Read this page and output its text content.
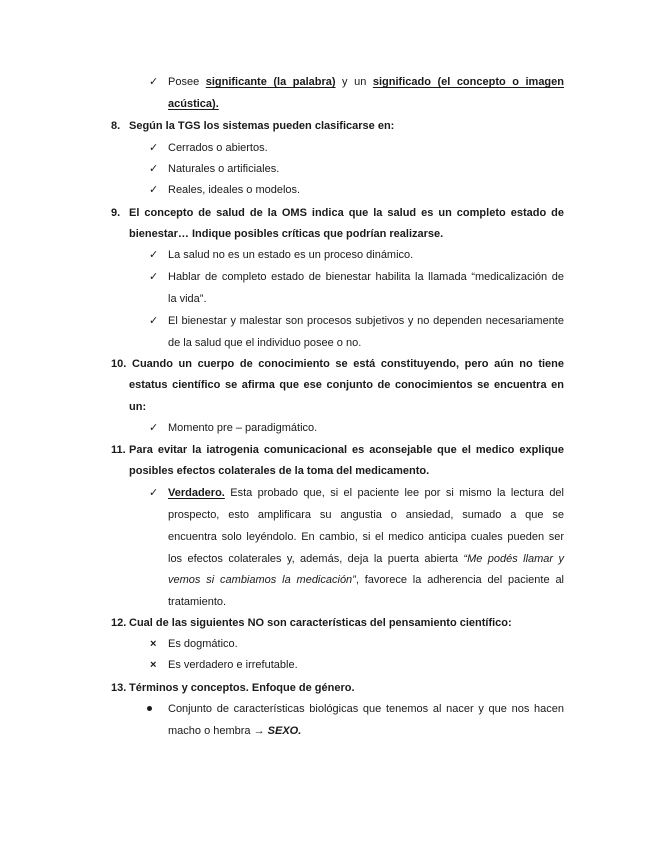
✓ Posee significante (la palabra) y un significado (el concepto o imagen
acústica).
8. Según la TGS los sistemas pueden clasificarse en:
✓ Cerrados o abiertos.
✓ Naturales o artificiales.
✓ Reales, ideales o modelos.
9. El concepto de salud de la OMS indica que la salud es un completo estado de
bienestar… Indique posibles críticas que podrían realizarse.
✓ La salud no es un estado es un proceso dinámico.
✓ Hablar de completo estado de bienestar habilita la llamada “medicalización de
la vida”.
✓ El bienestar y malestar son procesos subjetivos y no dependen necesariamente
de la salud que el individuo posee o no.
10. Cuando un cuerpo de conocimiento se está constituyendo, pero aún no tiene
estatus científico se afirma que ese conjunto de conocimientos se encuentra en
un:
✓ Momento pre – paradigmático.
11. Para evitar la iatrogenia comunicacional es aconsejable que el medico explique
posibles efectos colaterales de la toma del medicamento.
✓ Verdadero. Esta probado que, si el paciente lee por si mismo la lectura del
prospecto, esto amplificara su angustia o ansiedad, sumado a que se
encuentra solo leyéndolo. En cambio, si el medico anticipa cuales pueden ser
los efectos colaterales y, además, deja la puerta abierta “Me podés llamar y
vemos si cambiamos la medicación”, favorece la adherencia del paciente al
tratamiento.
12. Cual de las siguientes NO son características del pensamiento científico:
× Es dogmático.
× Es verdadero e irrefutable.
13. Términos y conceptos. Enfoque de género.
Conjunto de características biológicas que tenemos al nacer y que nos hacen
macho o hembra → SEXO.
